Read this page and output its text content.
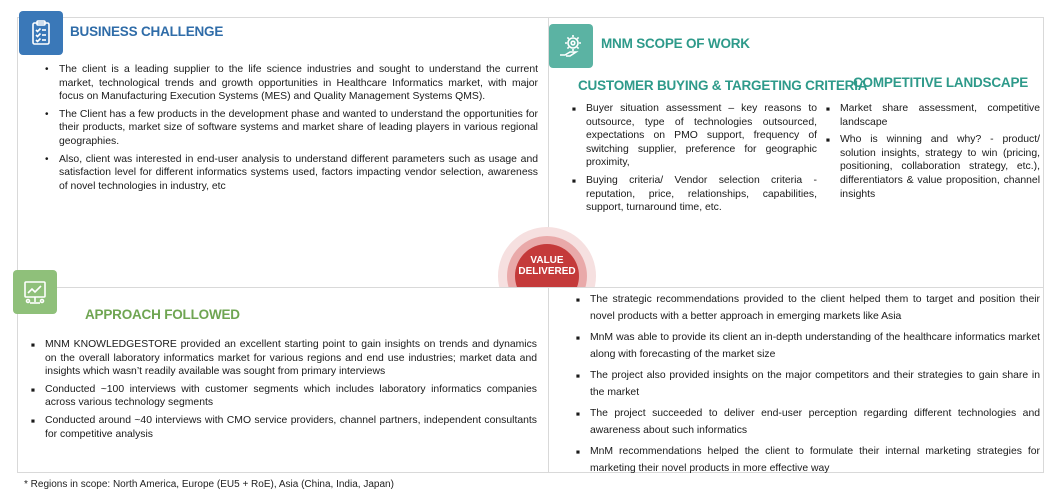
BUSINESS CHALLENGE
• The client is a leading supplier to the life science industries and sought to understand the current market, technological trends and growth opportunities in Healthcare Informatics market, with major focus on Manufacturing Execution Systems (MES) and Quality Management Systems QMS).
• The Client has a few products in the development phase and wanted to understand the opportunities for their products, market size of software systems and market share of leading players in various regional geographies.
• Also, client was interested in end-user analysis to understand different parameters such as usage and satisfaction level for different informatics systems used, factors impacting vendor selection, awareness of novel technologies in industry, etc
MNM SCOPE OF WORK
CUSTOMER BUYING & TARGETING CRITERIA
■ Buyer situation assessment – key reasons to outsource, type of technologies outsourced, expectations on PMO support, frequency of switching supplier, preference for geographic proximity,
■ Buying criteria/ Vendor selection criteria - reputation, price, relationships, capabilities, support, turnaround time, etc.
COMPETITIVE LANDSCAPE
■ Market share assessment, competitive landscape
■ Who is winning and why? - product/ solution insights, strategy to win (pricing, positioning, collaboration strategy, etc.), differentiators & value proposition, channel insights
VALUE
DELIVERED
APPROACH FOLLOWED
■ MNM KNOWLEDGESTORE provided an excellent starting point to gain insights on trends and dynamics on the overall laboratory informatics market for various regions and end use industries; market data and insights which wasn’t readily available was sought from primary interviews
■ Conducted ~100 interviews with customer segments which includes laboratory informatics companies across various technology segments
■ Conducted around ~40 interviews with CMO service providers, channel partners, independent consultants for competitive analysis
■ The strategic recommendations provided to the client helped them to target and position their novel products with a better approach in emerging markets like Asia
■ MnM was able to provide its client an in-depth understanding of the healthcare informatics market along with forecasting of the market size
■ The project also provided insights on the major competitors and their strategies to gain share in the market
■ The project succeeded to deliver end-user perception regarding different technologies and awareness about such informatics
■ MnM recommendations helped the client to formulate their internal marketing strategies for marketing their novel products in more effective way
* Regions in scope: North America, Europe (EU5 + RoE), Asia (China, India, Japan)
